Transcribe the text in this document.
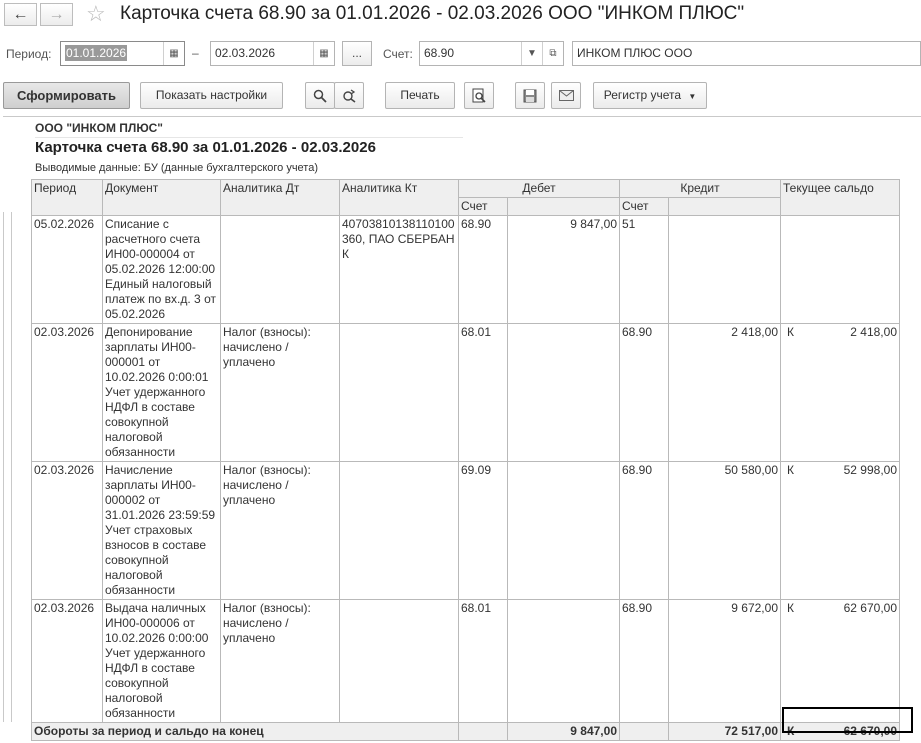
←	→ ☆ Карточка счета 68.90 за 01.01.2026 - 02.03.2026 ООО "ИНКОМ ПЛЮС"
Период:	01.01.2026	▦	–	02.03.2026	▦	...	Счет: 68.90	▼	⧉	ИНКОМ ПЛЮС ООО
Сформировать	Показать настройки	Печать	Регистр учета ▼
ООО "ИНКОМ ПЛЮС"
Карточка счета 68.90 за 01.01.2026 - 02.03.2026
Выводимые данные: БУ (данные бухгалтерского учета)
Период	Документ	Аналитика Дт	Аналитика Кт	Дебет		Кредит		Текущее сальдо
				Счет		Счет		
05.02.2026	Списание с расчетного счета ИН00-000004 от 05.02.2026 12:00:00 Единый налоговый платеж по вх.д. 3 от 05.02.2026		40703810138110100360, ПАО СБЕРБАНК	68.90	9 847,00	51		

02.03.2026	Депонирование зарплаты ИН00-000001 от 10.02.2026 0:00:01 Учет удержанного НДФЛ в составе совокупной налоговой обязанности	Налог (взносы): начислено / уплачено		68.01		68.90	2 418,00	К 2 418,00
02.03.2026	Начисление зарплаты ИН00-000002 от 31.01.2026 23:59:59 Учет страховых взносов в составе совокупной налоговой обязанности	Налог (взносы): начислено / уплачено		69.09		68.90	50 580,00	К 52 998,00
02.03.2026	Выдача наличных ИН00-000006 от 10.02.2026 0:00:00 Учет удержанного НДФЛ в составе совокупной налоговой обязанности	Налог (взносы): начислено / уплачено		68.01		68.90	9 672,00	К 62 670,00
Обороты за период и сальдо на конец					9 847,00		72 517,00	К 62 670,00
